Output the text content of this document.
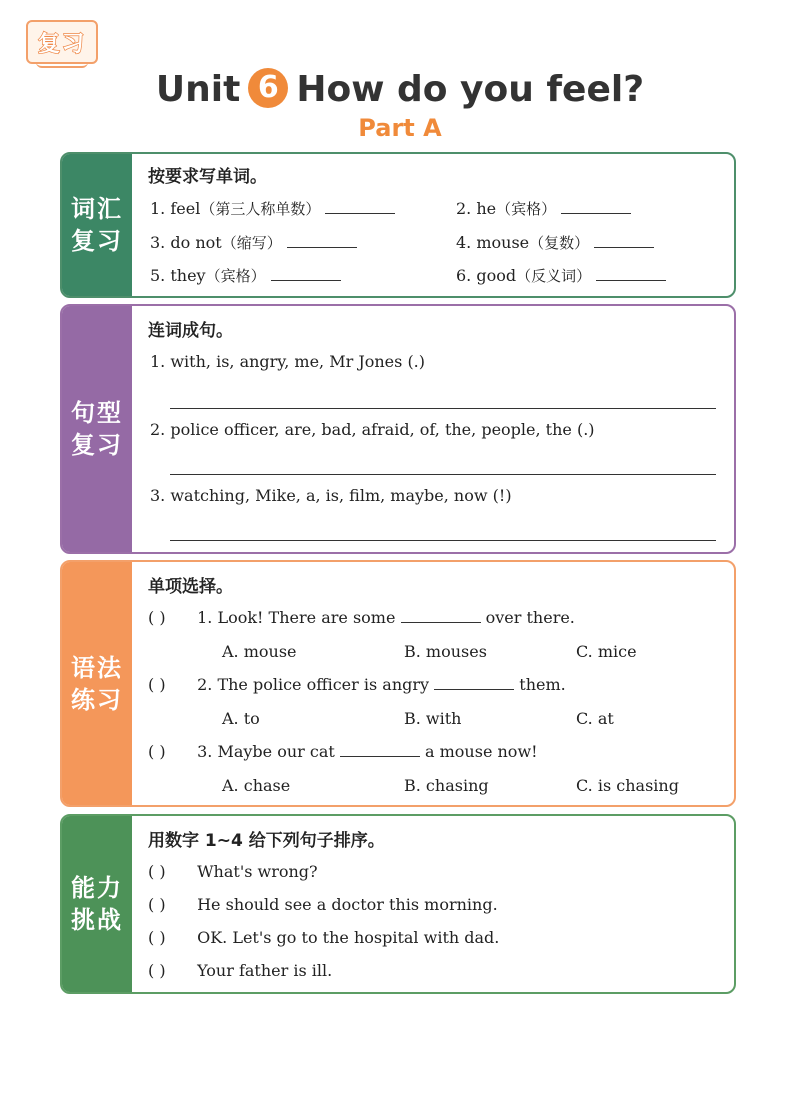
复习
Unit 6 How do you feel?
Part A
词汇
复习
按要求写单词。
1. feel（第三人称单数）	2. he（宾格）
3. do not（缩写）	4. mouse（复数）
5. they（宾格）	6. good（反义词）
句型
复习
连词成句。
1. with, is, angry, me, Mr Jones (.)
2. police officer, are, bad, afraid, of, the, people, the (.)
3. watching, Mike, a, is, film, maybe, now (!)
语法
练习
单项选择。
( ) 1. Look! There are some	over there.
A. mouse	B. mouses	C. mice
( ) 2. The police officer is angry	them.
A. to	B. with	C. at
( ) 3. Maybe our cat	a mouse now!
A. chase	B. chasing	C. is chasing
能力
挑战
用数字 1~4 给下列句子排序。
( ) What's wrong?
( ) He should see a doctor this morning.
( ) OK. Let's go to the hospital with dad.
( ) Your father is ill.
